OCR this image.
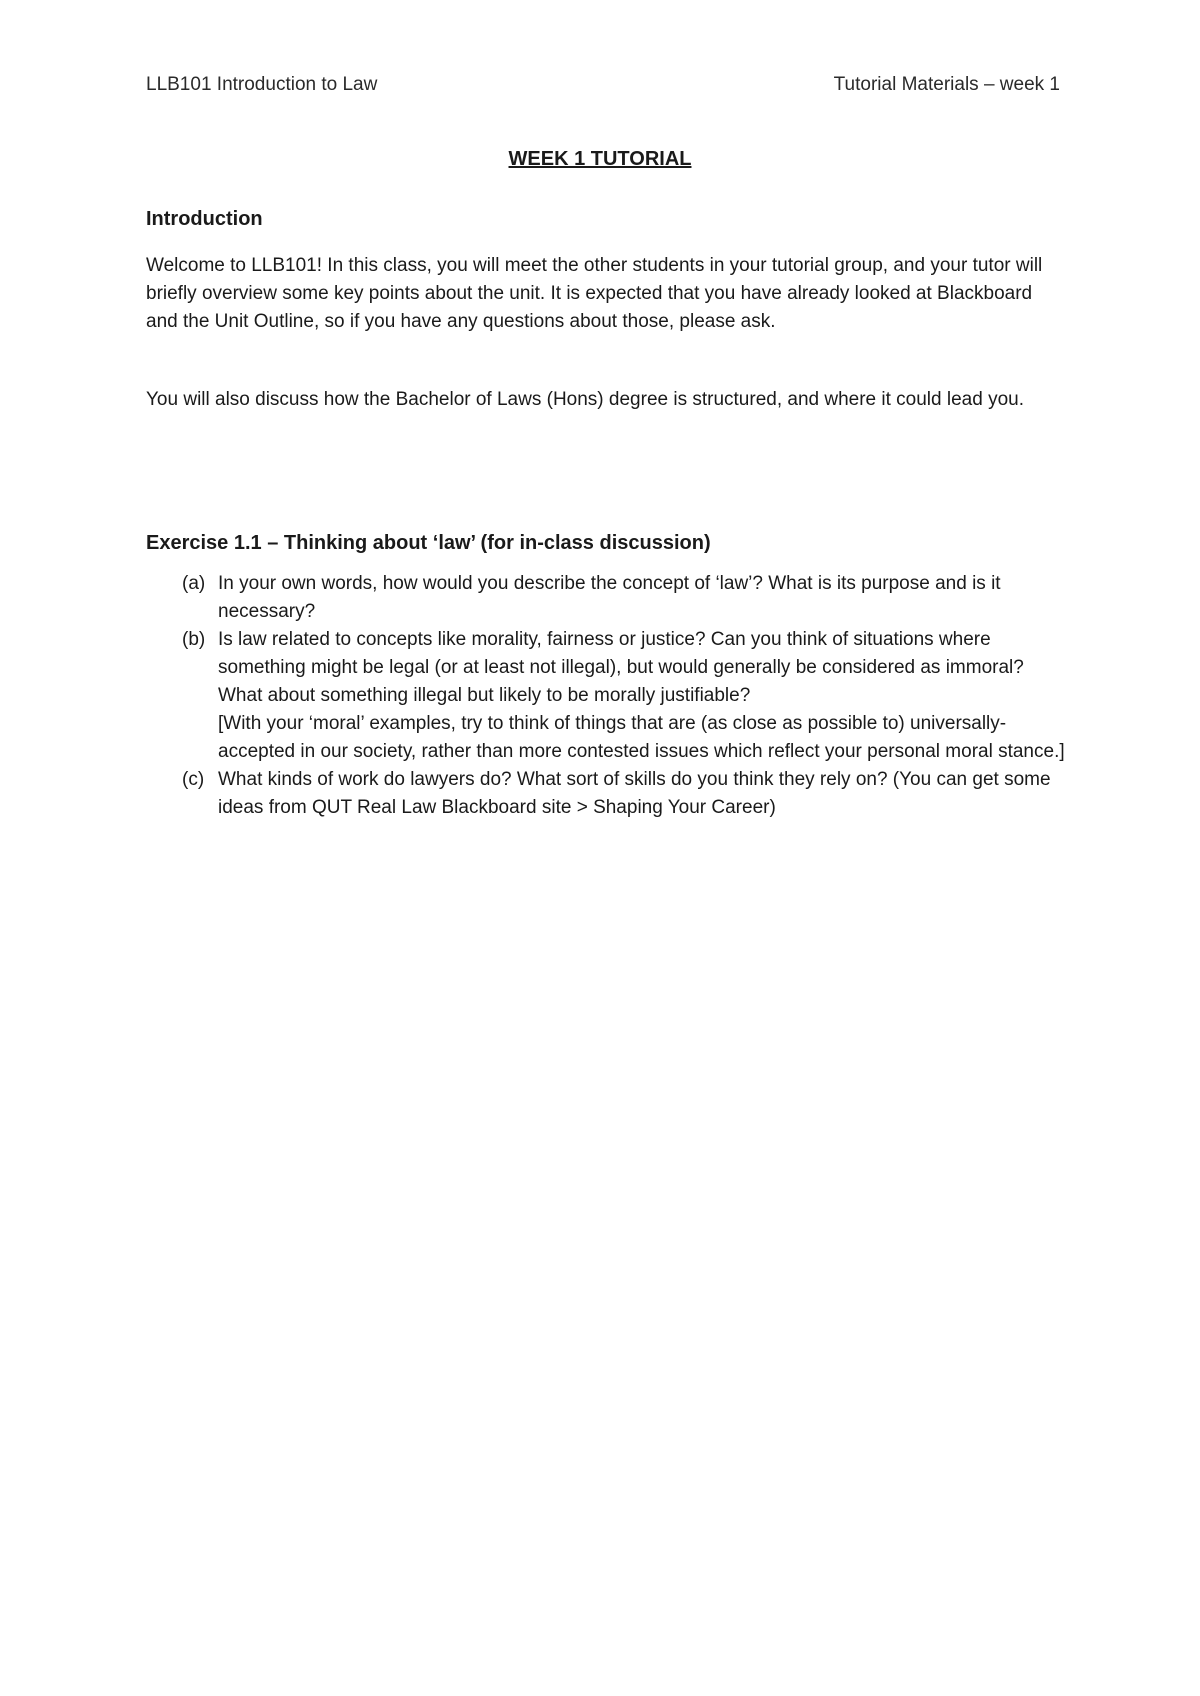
LLB101 Introduction to Law	Tutorial Materials – week 1
WEEK 1 TUTORIAL
Introduction

Welcome to LLB101! In this class, you will meet the other students in your tutorial group, and your tutor will briefly overview some key points about the unit. It is expected that you have already looked at Blackboard and the Unit Outline, so if you have any questions about those, please ask.

You will also discuss how the Bachelor of Laws (Hons) degree is structured, and where it could lead you.

Exercise 1.1 – Thinking about ‘law’ (for in-class discussion)
(a) In your own words, how would you describe the concept of ‘law’? What is its purpose and is it necessary?
(b) Is law related to concepts like morality, fairness or justice? Can you think of situations where something might be legal (or at least not illegal), but would generally be considered as immoral? What about something illegal but likely to be morally justifiable?
[With your ‘moral’ examples, try to think of things that are (as close as possible to) universally-accepted in our society, rather than more contested issues which reflect your personal moral stance.]
(c) What kinds of work do lawyers do? What sort of skills do you think they rely on? (You can get some ideas from QUT Real Law Blackboard site > Shaping Your Career)
